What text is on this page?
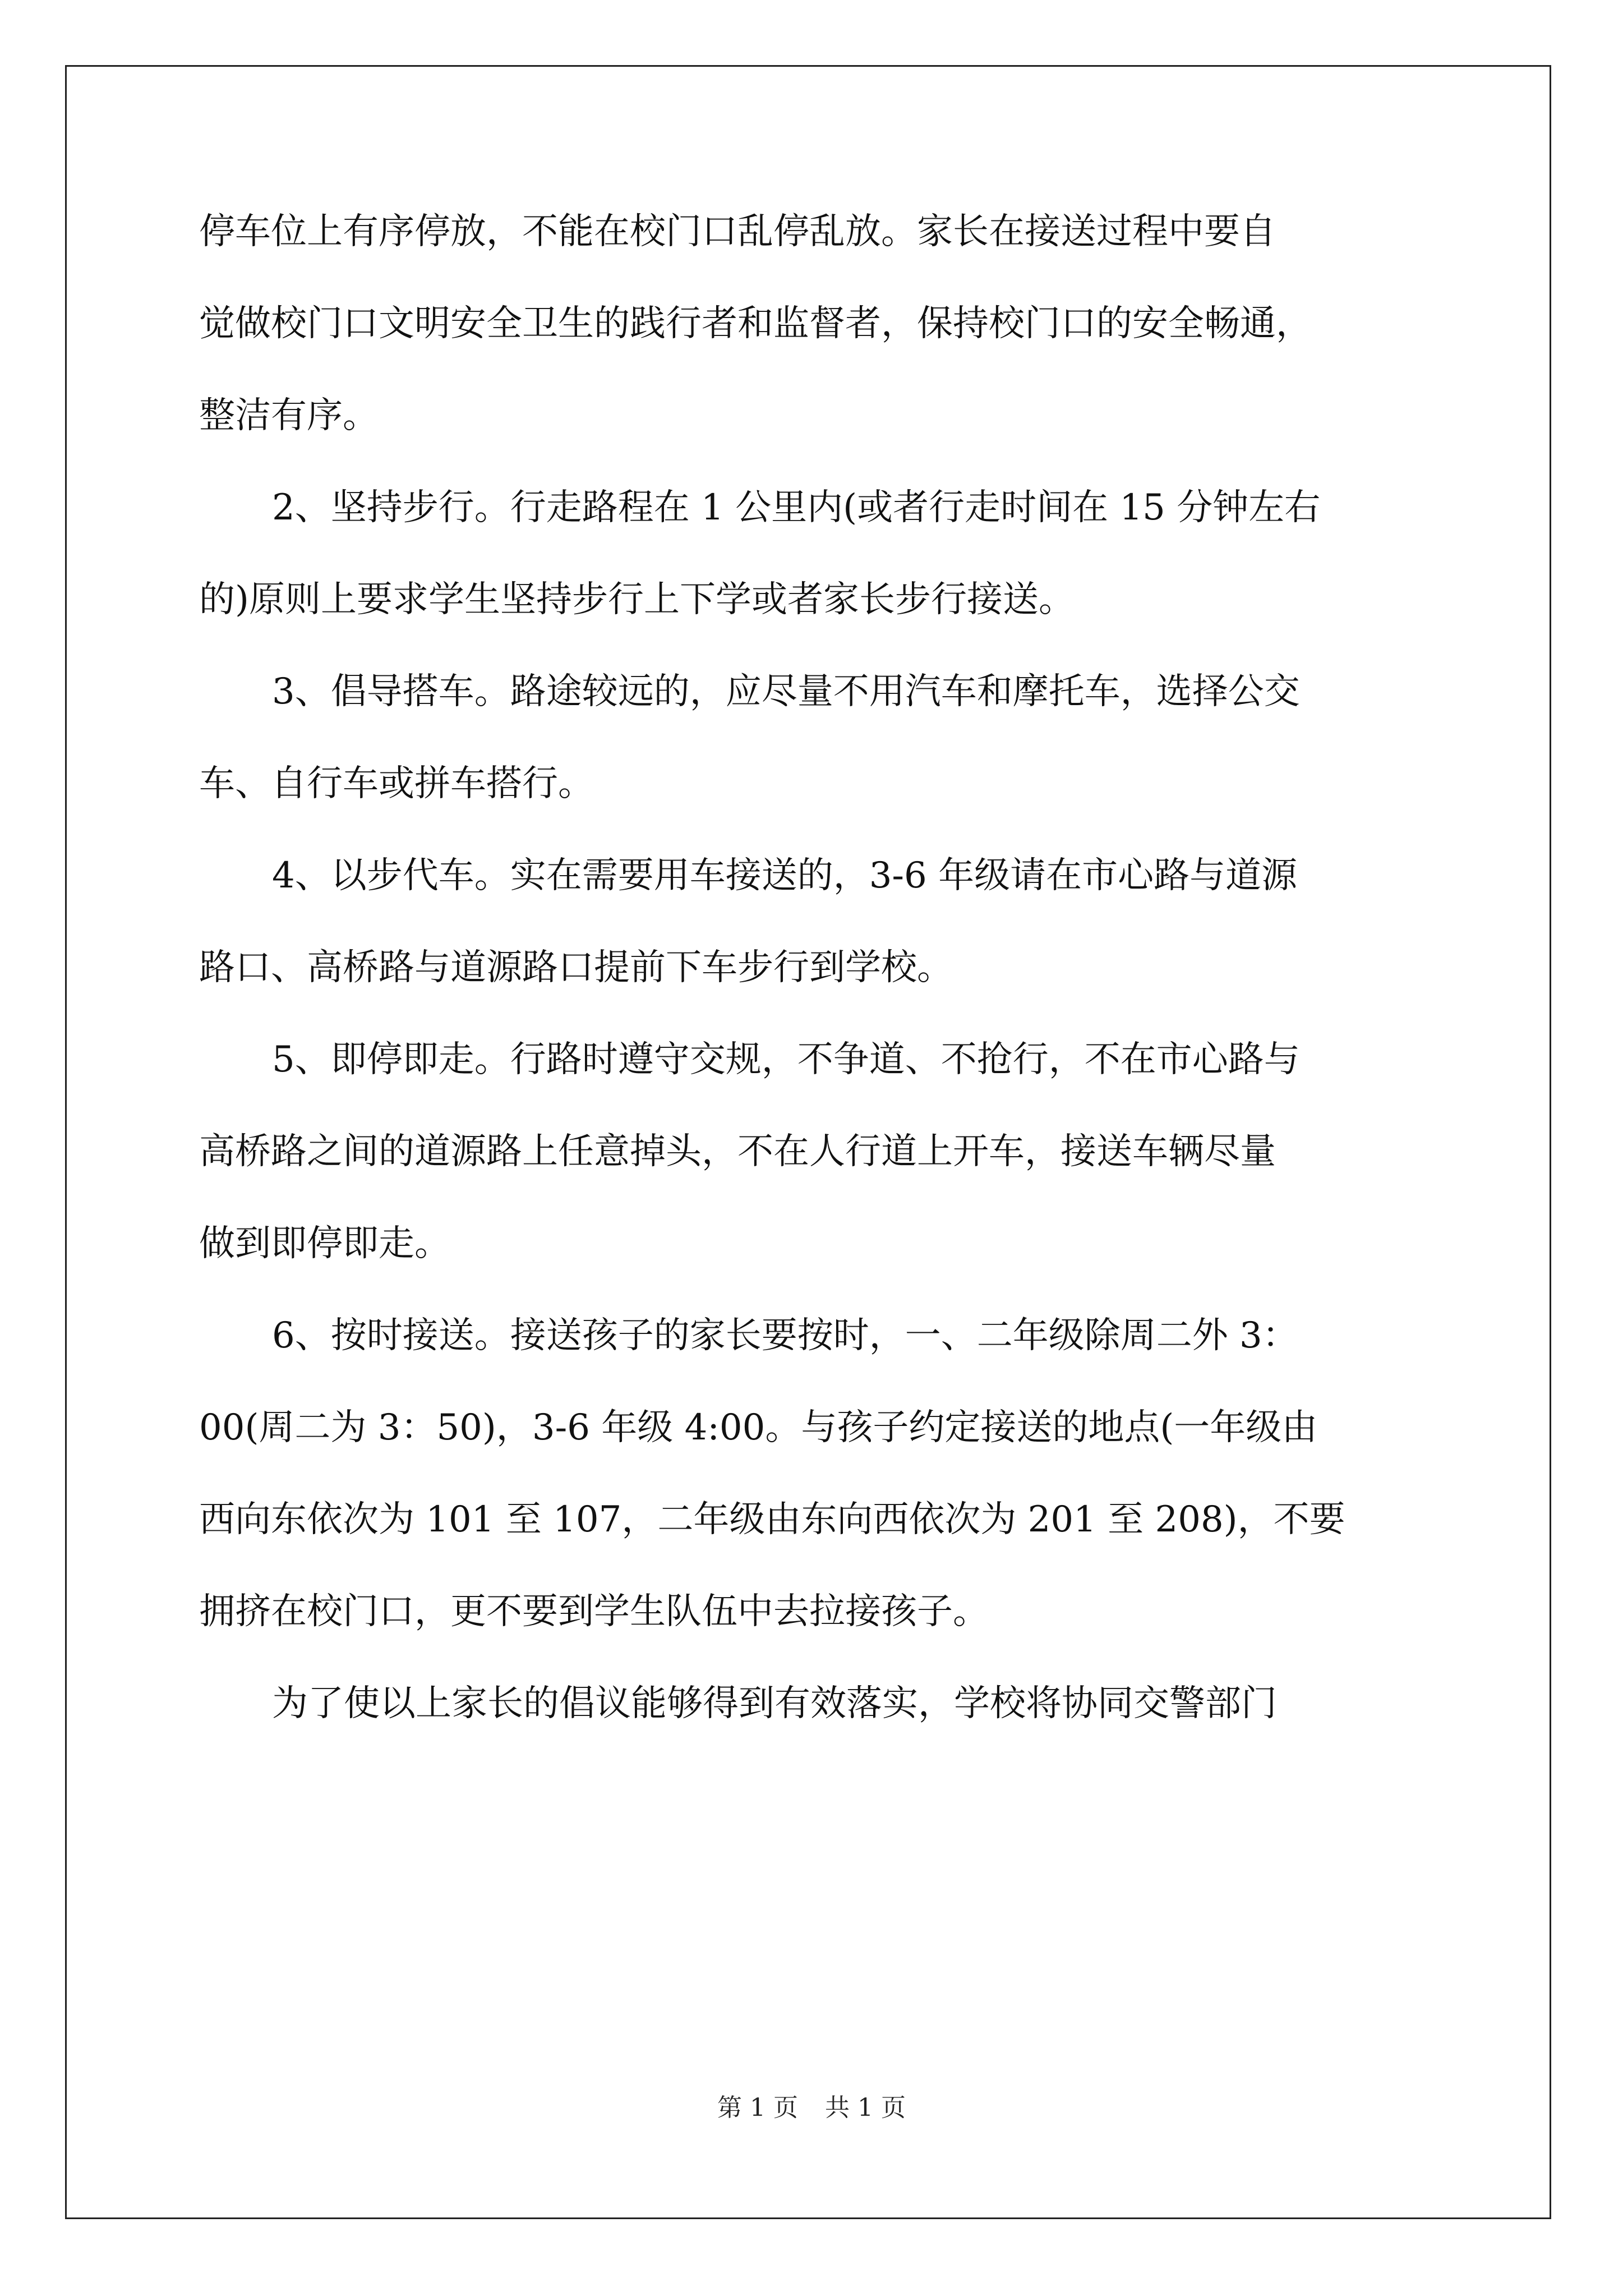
停车位上有序停放，不能在校门口乱停乱放。家长在接送过程中要自
觉做校门口文明安全卫生的践行者和监督者，保持校门口的安全畅通，
整洁有序。
2、坚持步行。行走路程在 1 公里内(或者行走时间在 15 分钟左右
的)原则上要求学生坚持步行上下学或者家长步行接送。
3、倡导搭车。路途较远的，应尽量不用汽车和摩托车，选择公交
车、自行车或拼车搭行。
4、以步代车。实在需要用车接送的，3-6 年级请在市心路与道源
路口、高桥路与道源路口提前下车步行到学校。
5、即停即走。行路时遵守交规，不争道、不抢行，不在市心路与
高桥路之间的道源路上任意掉头，不在人行道上开车，接送车辆尽量
做到即停即走。
6、按时接送。接送孩子的家长要按时，一、二年级除周二外 3：
00(周二为 3：50)，3-6 年级 4:00。与孩子约定接送的地点(一年级由
西向东依次为 101 至 107，二年级由东向西依次为 201 至 208)，不要
拥挤在校门口，更不要到学生队伍中去拉接孩子。
为了使以上家长的倡议能够得到有效落实，学校将协同交警部门
第 1 页 共 1 页
